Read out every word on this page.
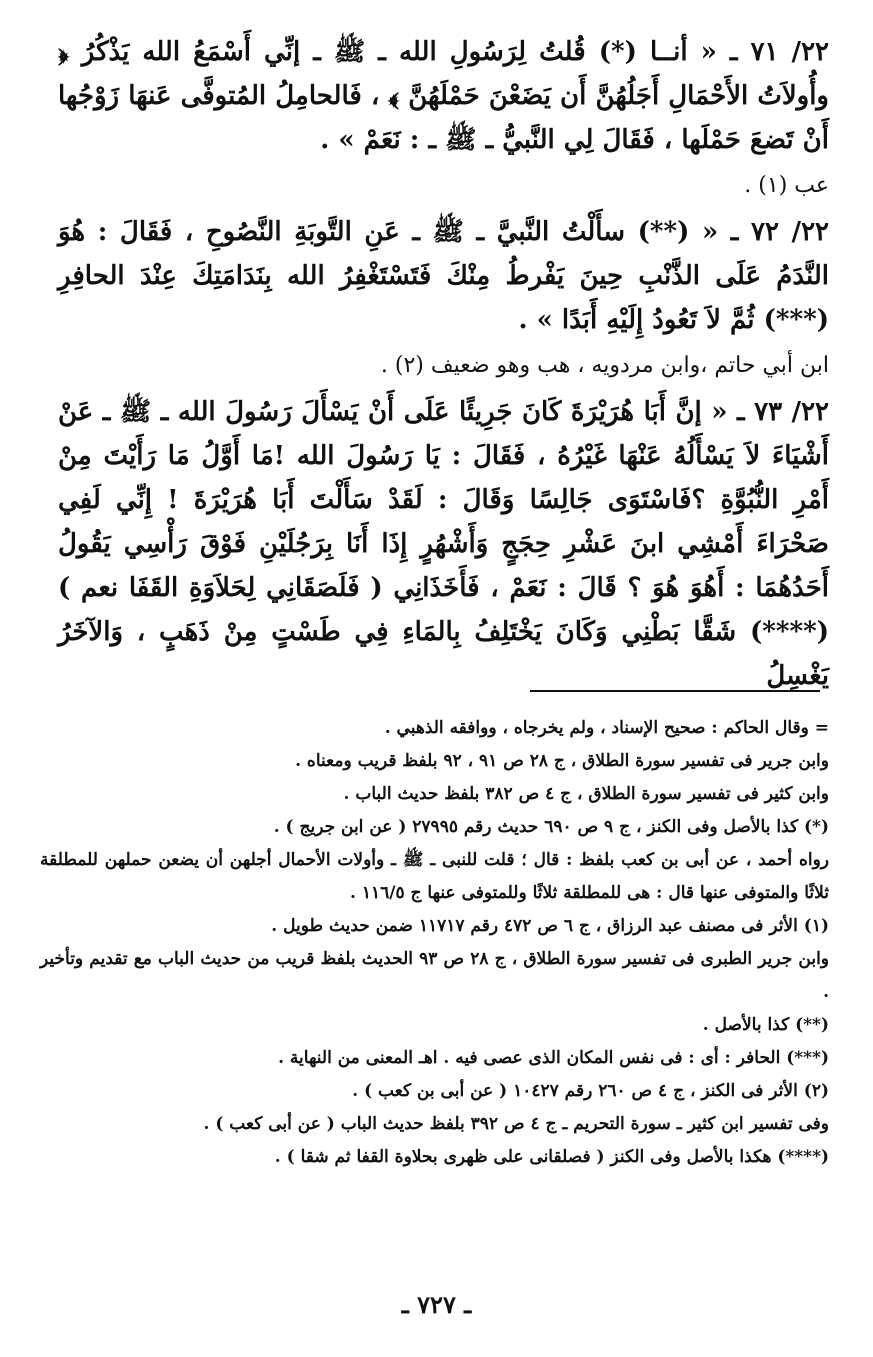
٢٢/ ٧١ ـ « أنــا (*) قُلتُ لِرَسُولِ الله ـ ﷺ ـ إنِّي أَسْمَعُ الله يَذْكُرُ ﴿ وأُولاَتُ الأَحْمَالِ أَجَلُهُنَّ أَن يَضَعْنَ حَمْلَهُنَّ ﴾ ، فَالحامِلُ المُتوفَّى عَنهَا زَوْجُها أَنْ تَضعَ حَمْلَها ، فَقَالَ لِي النَّبيُّ ـ ﷺ ـ : نَعَمْ » .

عب (١) .

٢٢/ ٧٢ ـ « (**) سأَلْتُ النَّبيَّ ـ ﷺ ـ عَنِ التَّوبَةِ النَّصُوحِ ، فَقَالَ : هُوَ النَّدَمُ عَلَى الذَّنْبِ حِينَ يَفْرطُ مِنْكَ فَتَسْتَغْفِرُ الله بِنَدَامَتِكَ عِنْدَ الحافِرِ (***) ثُمَّ لاَ تَعُودُ إِلَيْهِ أَبَدًا » .

ابن أبي حاتم ،وابن مردويه ، هب وهو ضعيف (٢) .

٢٢/ ٧٣ ـ « إنَّ أَبَا هُرَيْرَةَ كَانَ جَرِيئًا عَلَى أَنْ يَسْأَلَ رَسُولَ الله ـ ﷺ ـ عَنْ أَشْيَاءَ لاَ يَسْأَلُهُ عَنْهَا غَيْرُهُ ، فَقَالَ : يَا رَسُولَ الله !مَا أَوَّلُ مَا رَأَيْتَ مِنْ أَمْرِ النُّبُوَّةِ ؟فَاسْتَوَى جَالِسًا وَقَالَ : لَقَدْ سَأَلْتَ أَبَا هُرَيْرَةَ ! إِنِّي لَفِي صَحْرَاءَ أَمْشِي ابنَ عَشْرِ حِجَجٍ وَأَشْهُرٍ إِذَا أَنَا بِرَجُلَيْنِ فَوْقَ رَأْسِي يَقُولُ أَحَدُهُمَا : أَهُوَ هُوَ ؟ قَالَ : نَعَمْ ، فَأَخَذَانِي ( فَلَصَقَانِي لِحَلاَوَةِ القَفَا نعم ) (****) شَقَّا بَطْنِي وَكَانَ يَخْتَلِفُ بِالمَاءِ فِي طَسْتٍ مِنْ ذَهَبٍ ، وَالآخَرُ يَغْسِلُ

= وقال الحاكم : صحيح الإسناد ، ولم يخرجاه ، ووافقه الذهبي .

وابن جرير فى تفسير سورة الطلاق ، ج ٢٨ ص ٩١ ، ٩٢ بلفظ قريب ومعناه .

وابن كثير فى تفسير سورة الطلاق ، ج ٤ ص ٣٨٢ بلفظ حديث الباب .

(*) كذا بالأصل وفى الكنز ، ج ٩ ص ٦٩٠ حديث رقم ٢٧٩٩٥ ( عن ابن جريج ) .

رواه أحمد ، عن أبى بن كعب بلفظ : قال ؛ قلت للنبى ـ ﷺ ـ وأولات الأحمال أجلهن أن يضعن حملهن للمطلقة ثلاثًا والمتوفى عنها قال : هى للمطلقة ثلاثًا وللمتوفى عنها ج ١١٦/٥ .

(١) الأثر فى مصنف عبد الرزاق ، ج ٦ ص ٤٧٢ رقم ١١٧١٧ ضمن حديث طويل .

وابن جرير الطبرى فى تفسير سورة الطلاق ، ج ٢٨ ص ٩٣ الحديث بلفظ قريب من حديث الباب مع تقديم وتأخير .

(**) كذا بالأصل .

(***) الحافر : أى : فى نفس المكان الذى عصى فيه . اهـ المعنى من النهاية .

(٢) الأثر فى الكنز ، ج ٤ ص ٢٦٠ رقم ١٠٤٢٧ ( عن أبى بن كعب ) .

وفى تفسير ابن كثير ـ سورة التحريم ـ ج ٤ ص ٣٩٢ بلفظ حديث الباب ( عن أبى كعب ) .

(****) هكذا بالأصل وفى الكنز ( فصلقانى على ظهرى بحلاوة القفا ثم شقا ) .

ـ ٧٢٧ ـ
